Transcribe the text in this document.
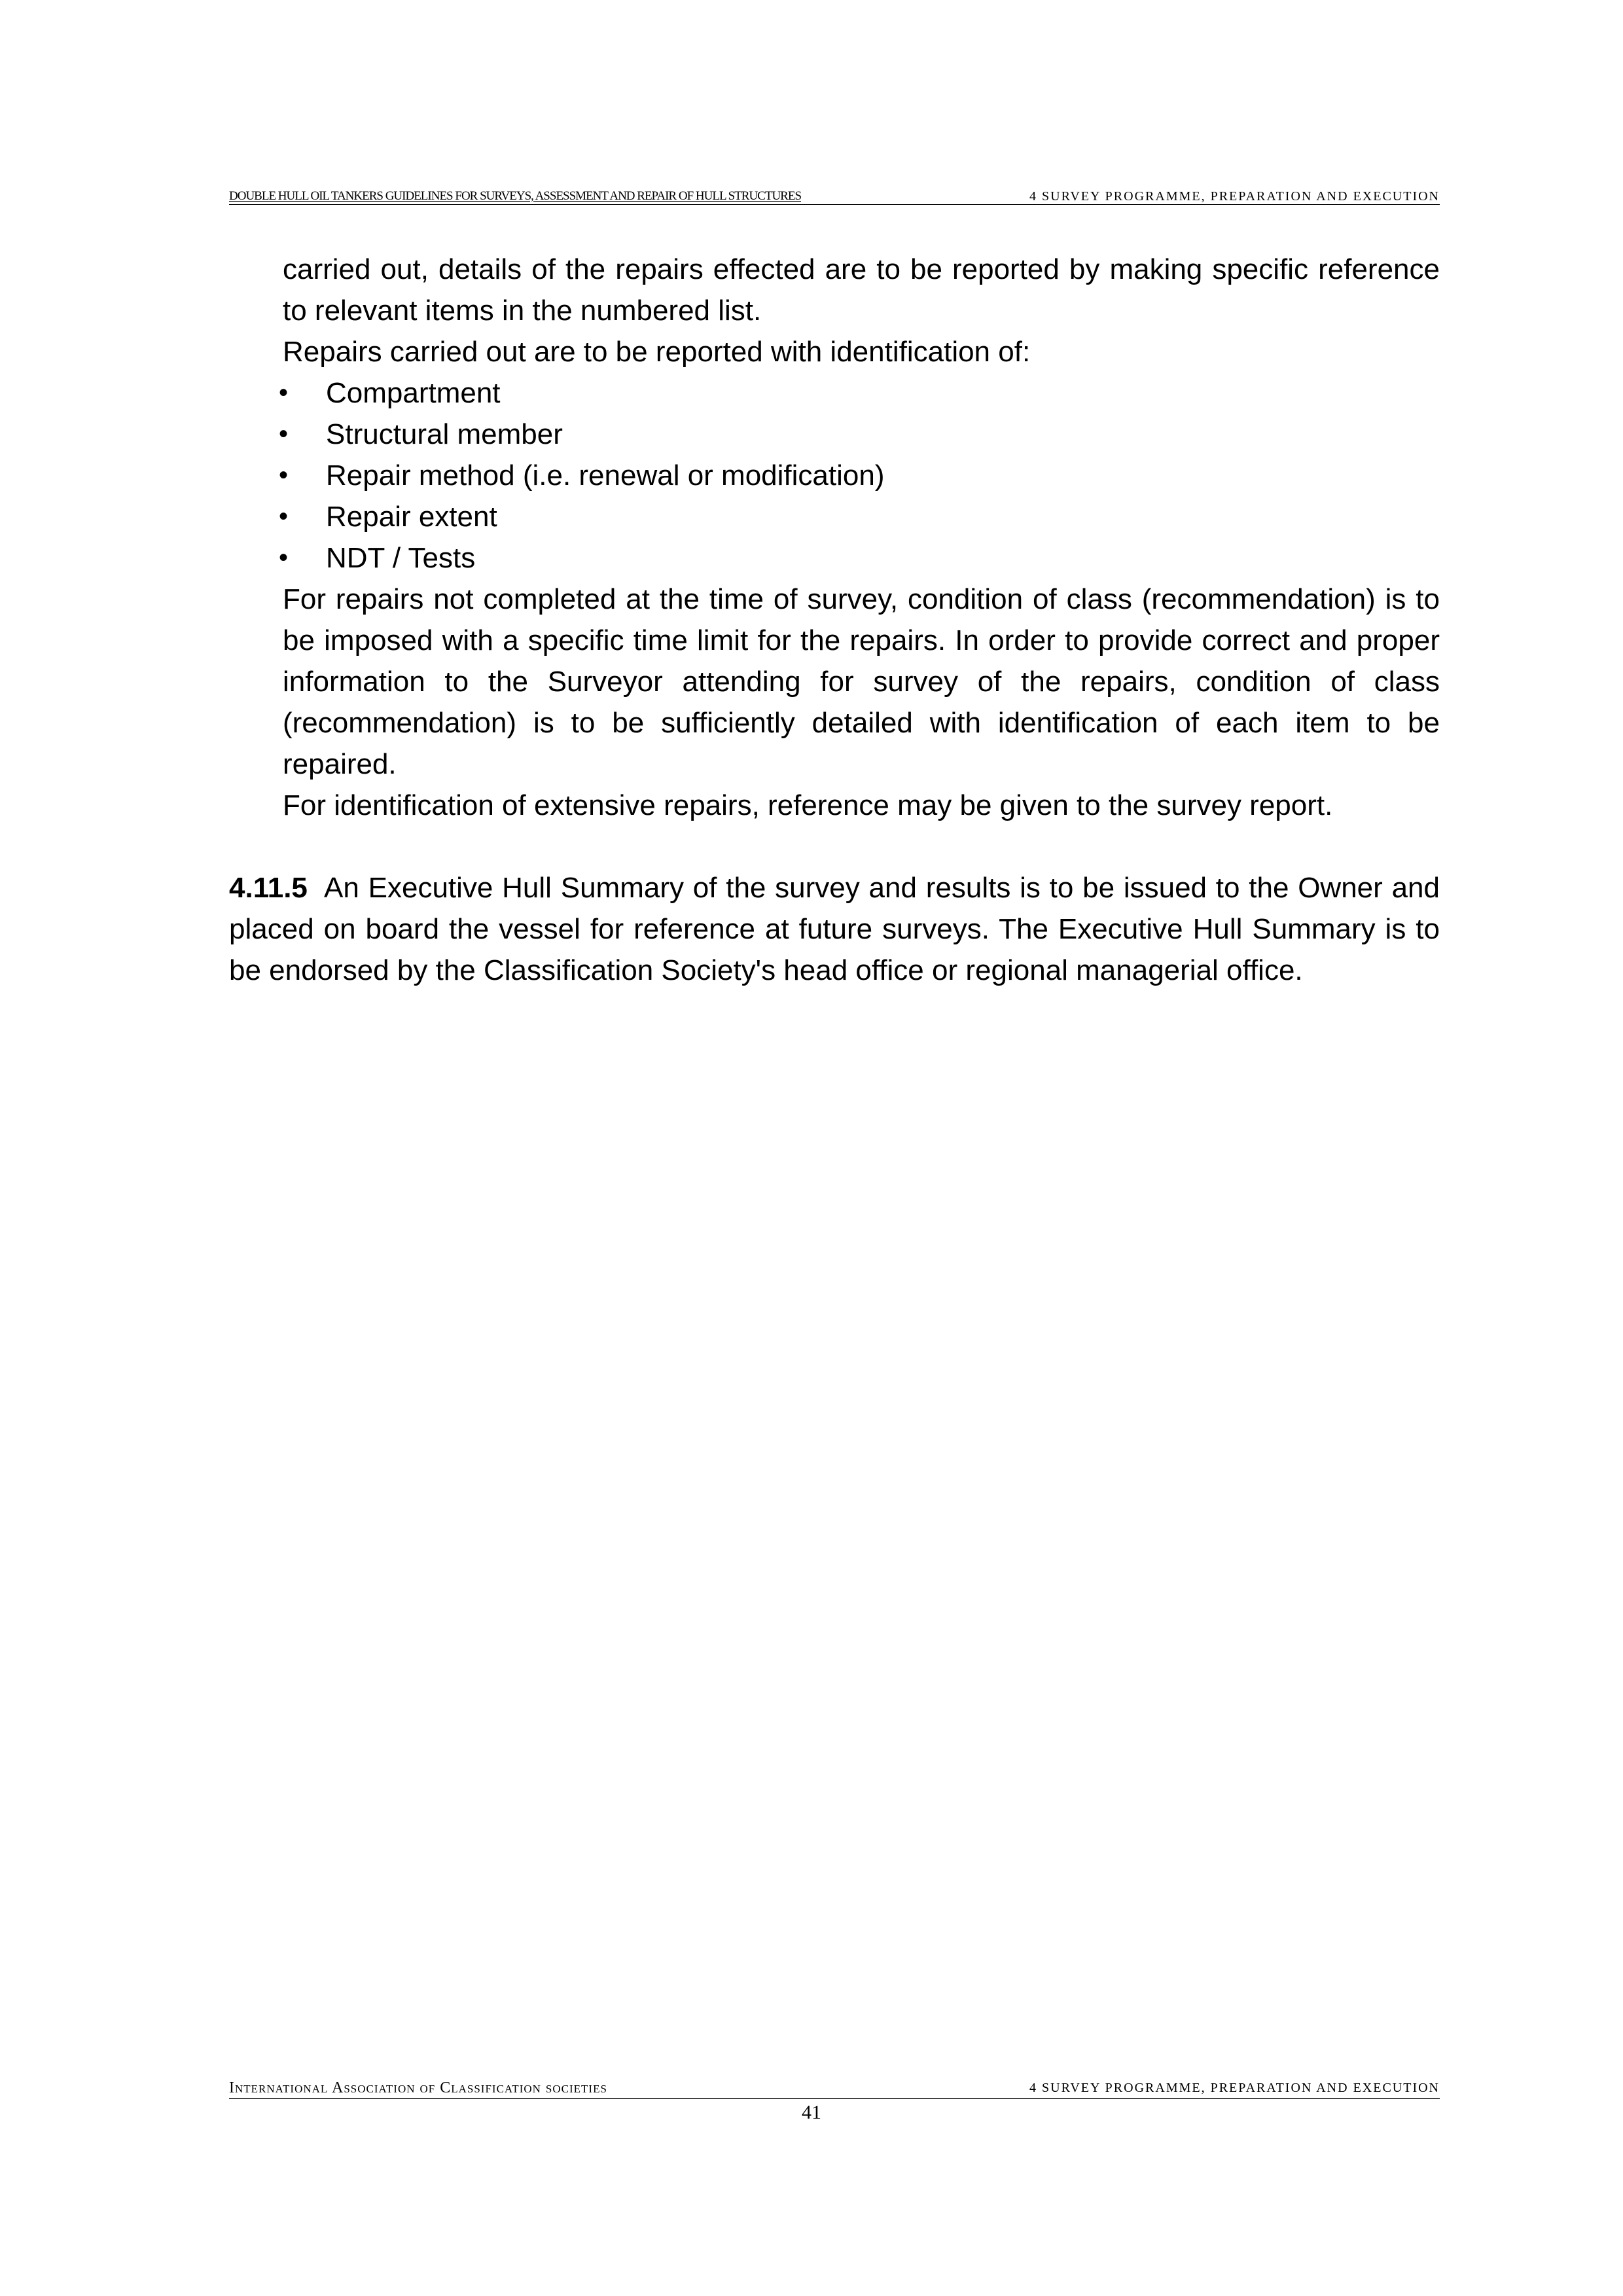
DOUBLE HULL OIL TANKERS GUIDELINES FOR SURVEYS, ASSESSMENT AND REPAIR OF HULL STRUCTURES	4 SURVEY PROGRAMME, PREPARATION AND EXECUTION

carried out, details of the repairs effected are to be reported by making specific reference to relevant items in the numbered list.

Repairs carried out are to be reported with identification of:

• Compartment
• Structural member
• Repair method (i.e. renewal or modification)
• Repair extent
• NDT / Tests

For repairs not completed at the time of survey, condition of class (recommendation) is to be imposed with a specific time limit for the repairs. In order to provide correct and proper information to the Surveyor attending for survey of the repairs, condition of class (recommendation) is to be sufficiently detailed with identification of each item to be repaired.

For identification of extensive repairs, reference may be given to the survey report.

4.11.5 An Executive Hull Summary of the survey and results is to be issued to the Owner and placed on board the vessel for reference at future surveys. The Executive Hull Summary is to be endorsed by the Classification Society's head office or regional managerial office.

International Association of Classification societies	4 SURVEY PROGRAMME, PREPARATION AND EXECUTION
41
